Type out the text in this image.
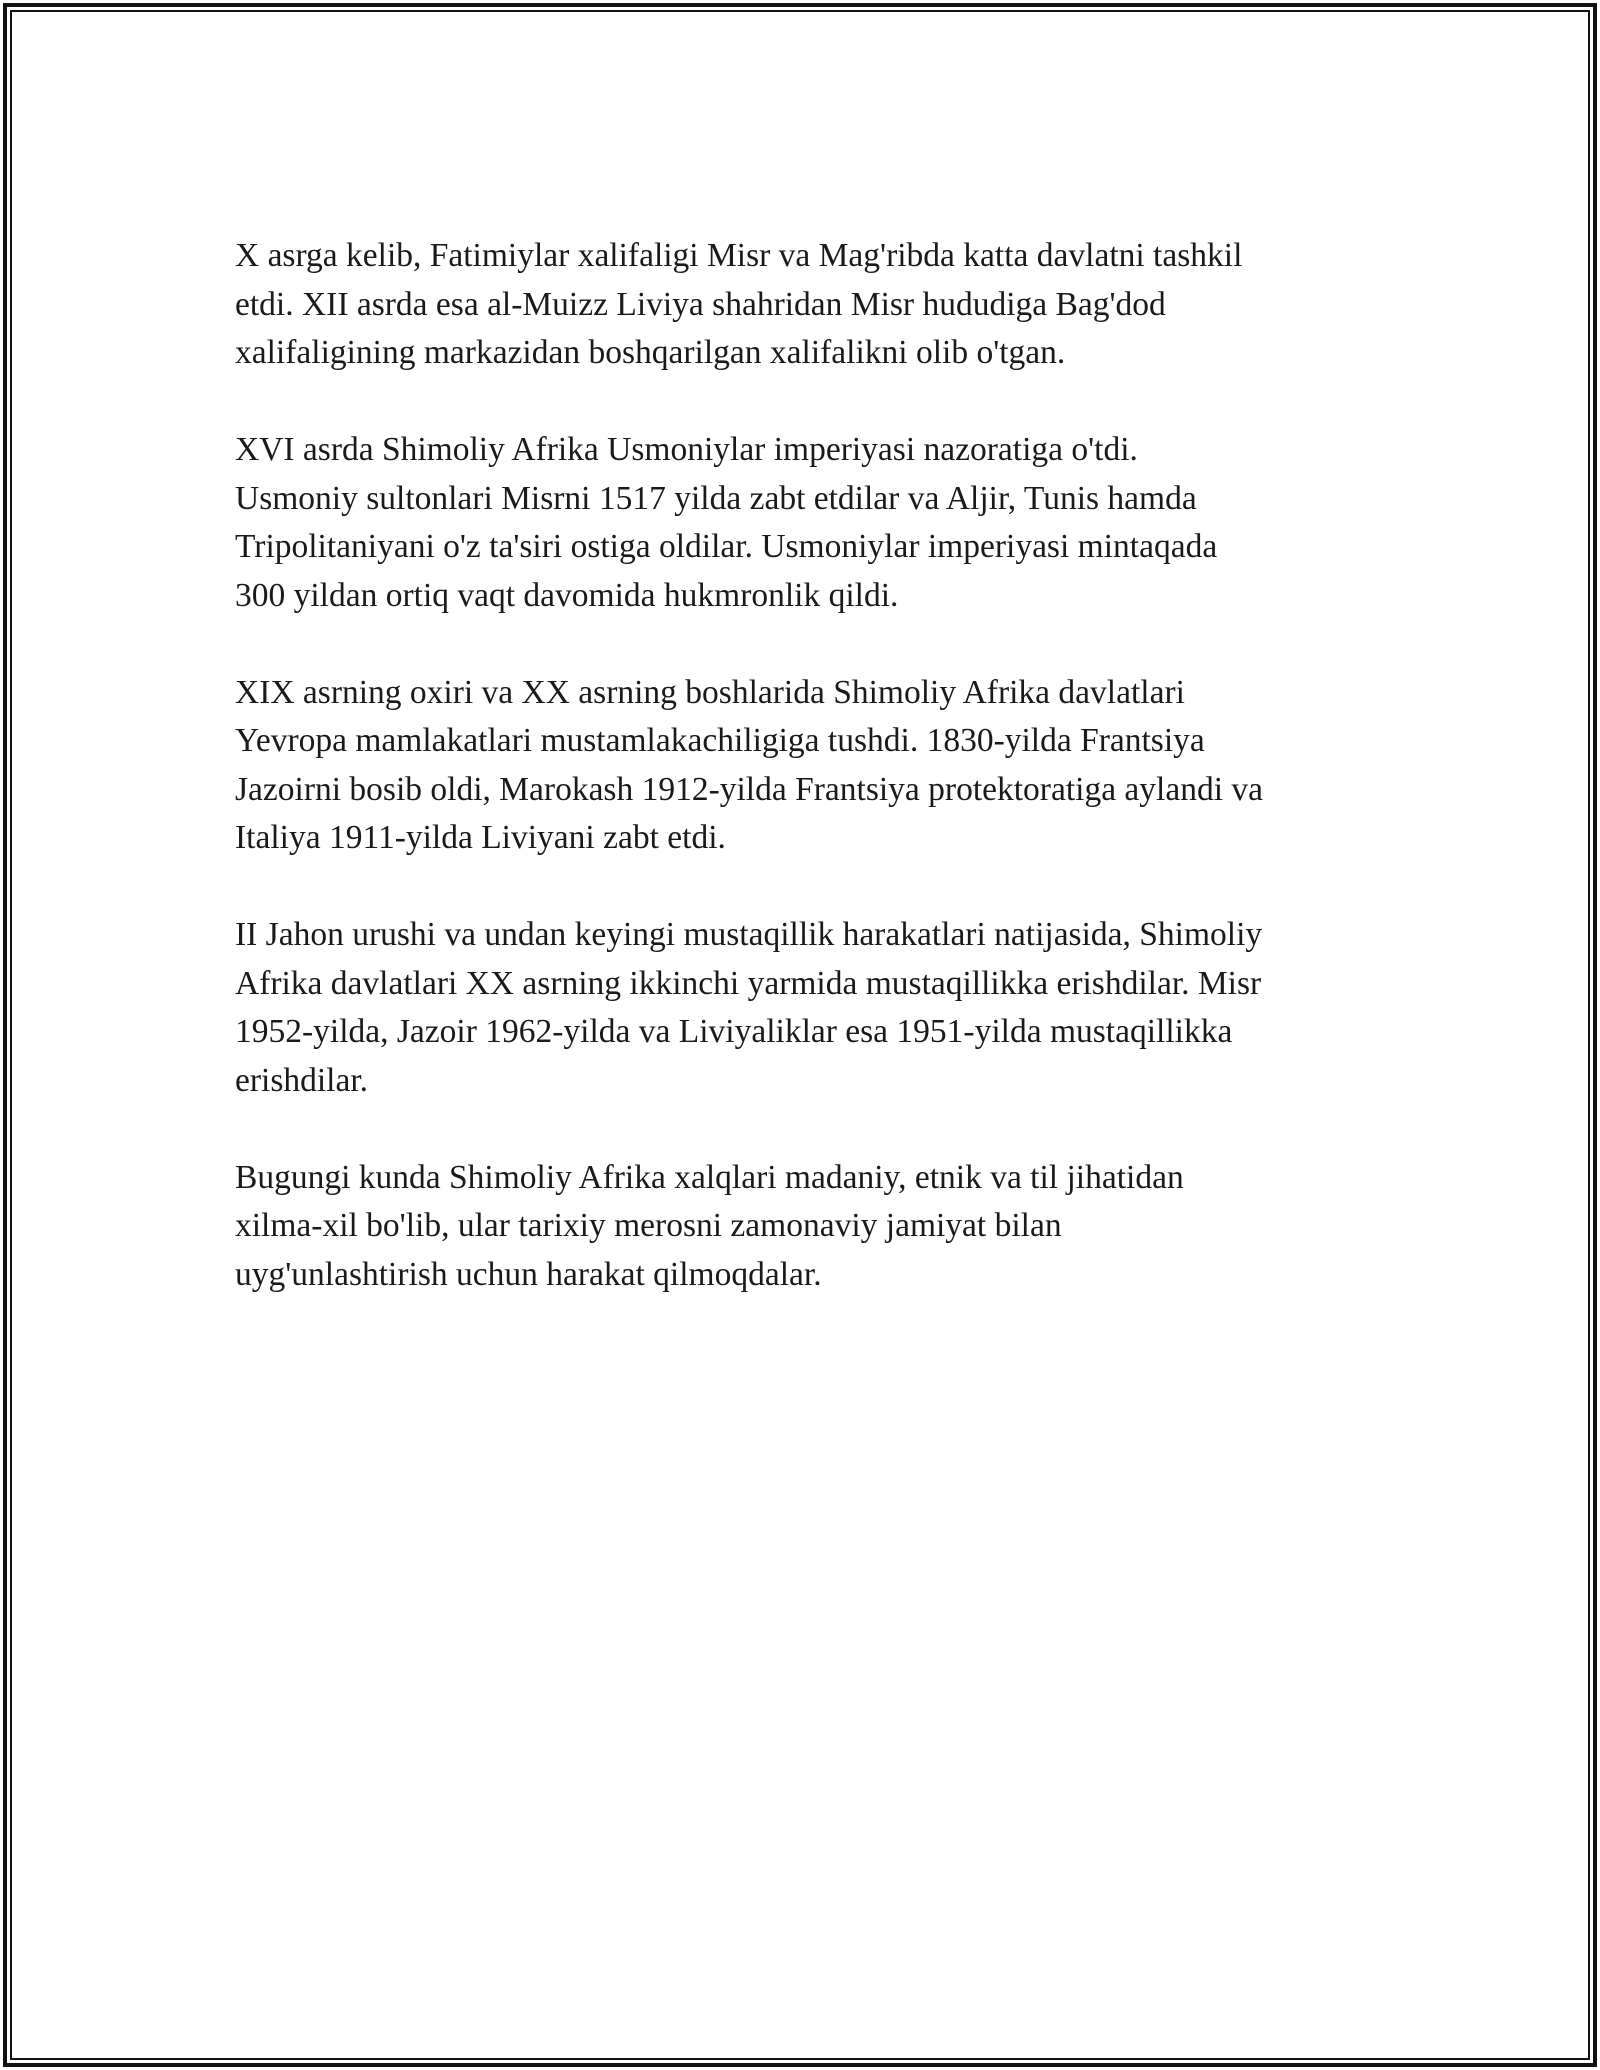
X asrga kelib, Fatimiylar xalifaligi Misr va Mag'ribda katta davlatni tashkil
etdi. XII asrda esa al-Muizz Liviya shahridan Misr hududiga Bag'dod
xalifaligining markazidan boshqarilgan xalifalikni olib o'tgan.

XVI asrda Shimoliy Afrika Usmoniylar imperiyasi nazoratiga o'tdi.
Usmoniy sultonlari Misrni 1517 yilda zabt etdilar va Aljir, Tunis hamda
Tripolitaniyani o'z ta'siri ostiga oldilar. Usmoniylar imperiyasi mintaqada
300 yildan ortiq vaqt davomida hukmronlik qildi.

XIX asrning oxiri va XX asrning boshlarida Shimoliy Afrika davlatlari
Yevropa mamlakatlari mustamlakachiligiga tushdi. 1830-yilda Frantsiya
Jazoirni bosib oldi, Marokash 1912-yilda Frantsiya protektoratiga aylandi va
Italiya 1911-yilda Liviyani zabt etdi.

II Jahon urushi va undan keyingi mustaqillik harakatlari natijasida, Shimoliy
Afrika davlatlari XX asrning ikkinchi yarmida mustaqillikka erishdilar. Misr
1952-yilda, Jazoir 1962-yilda va Liviyaliklar esa 1951-yilda mustaqillikka
erishdilar.

Bugungi kunda Shimoliy Afrika xalqlari madaniy, etnik va til jihatidan
xilma-xil bo'lib, ular tarixiy merosni zamonaviy jamiyat bilan
uyg'unlashtirish uchun harakat qilmoqdalar.
